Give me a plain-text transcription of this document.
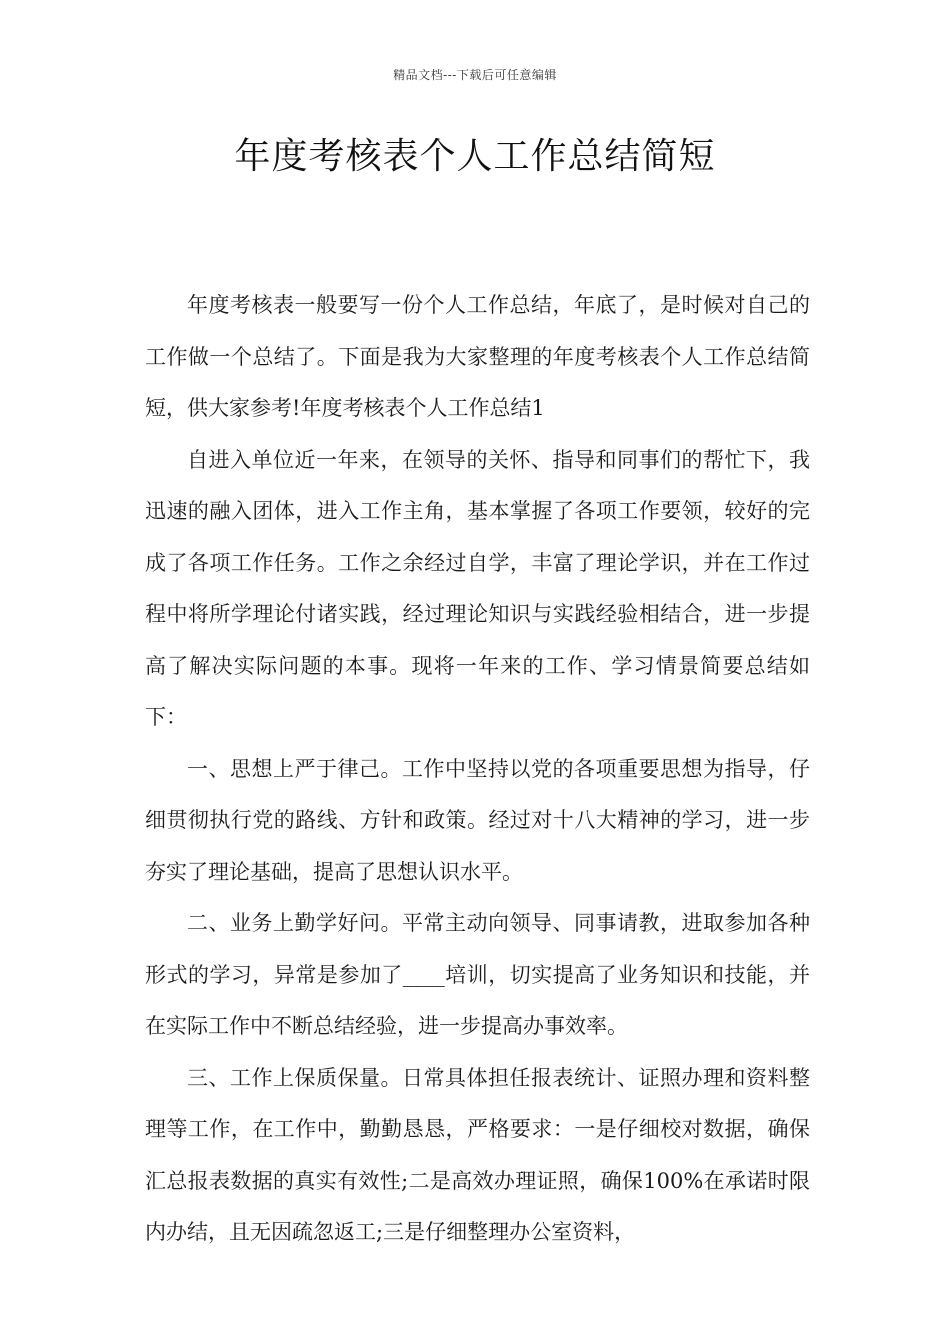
精品文档---下载后可任意编辑
年度考核表个人工作总结简短

年度考核表一般要写一份个人工作总结，年底了，是时候对自己的工作做一个总结了。下面是我为大家整理的年度考核表个人工作总结简短，供大家参考!年度考核表个人工作总结1

自进入单位近一年来，在领导的关怀、指导和同事们的帮忙下，我迅速的融入团体，进入工作主角，基本掌握了各项工作要领，较好的完成了各项工作任务。工作之余经过自学，丰富了理论学识，并在工作过程中将所学理论付诸实践，经过理论知识与实践经验相结合，进一步提高了解决实际问题的本事。现将一年来的工作、学习情景简要总结如下：

一、思想上严于律己。工作中坚持以党的各项重要思想为指导，仔细贯彻执行党的路线、方针和政策。经过对十八大精神的学习，进一步夯实了理论基础，提高了思想认识水平。

二、业务上勤学好问。平常主动向领导、同事请教，进取参加各种形式的学习，异常是参加了____培训，切实提高了业务知识和技能，并在实际工作中不断总结经验，进一步提高办事效率。

三、工作上保质保量。日常具体担任报表统计、证照办理和资料整理等工作，在工作中，勤勤恳恳，严格要求：一是仔细校对数据，确保汇总报表数据的真实有效性;二是高效办理证照，确保100%在承诺时限内办结，且无因疏忽返工;三是仔细整理办公室资料，
